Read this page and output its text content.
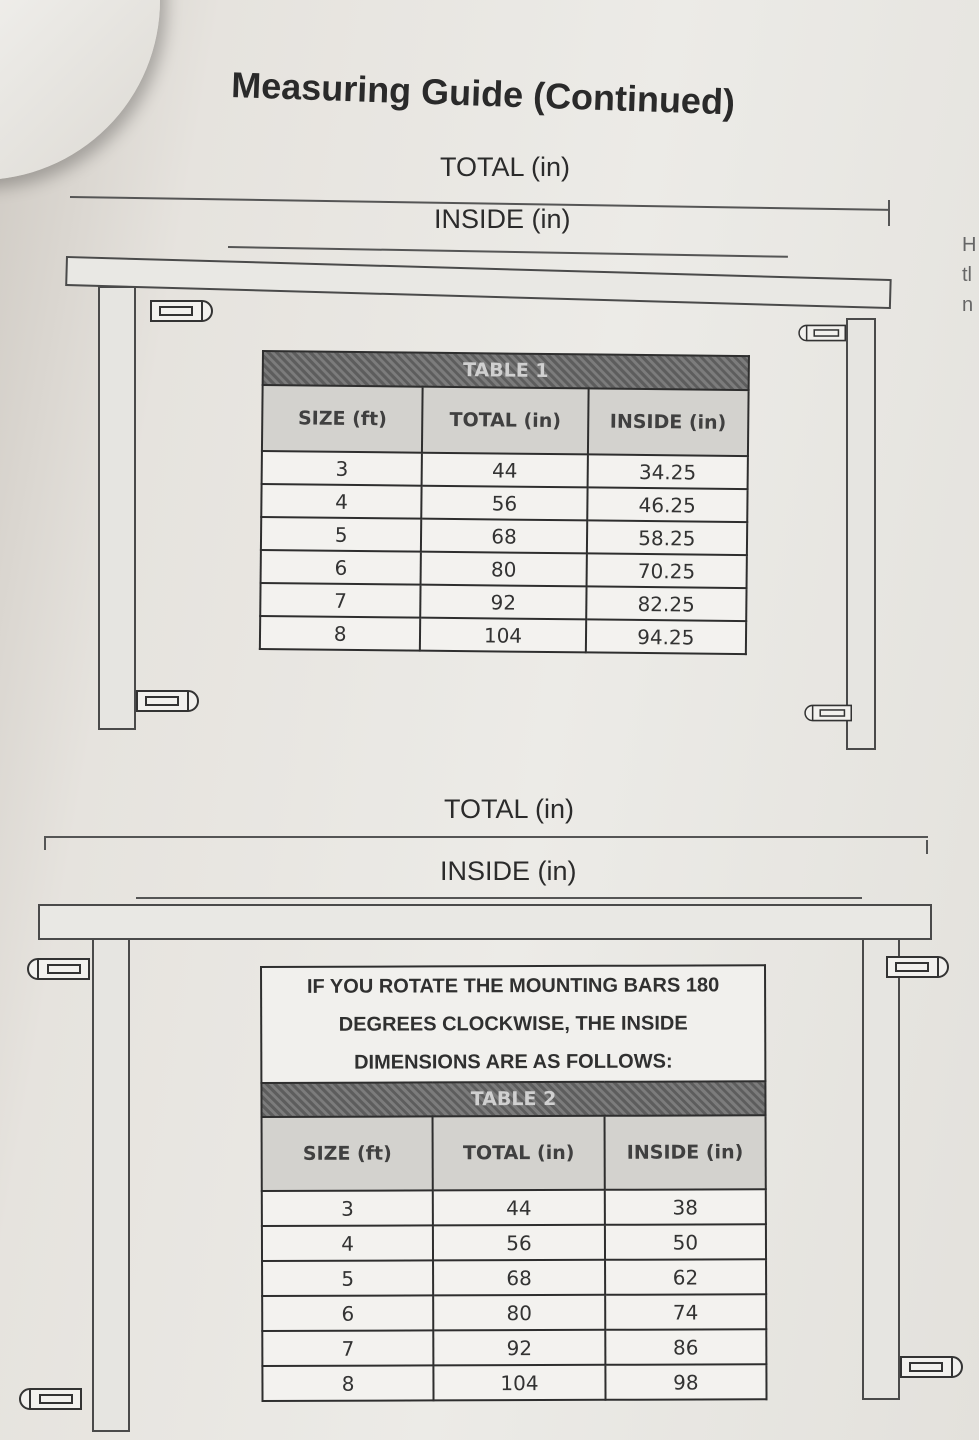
H
tl
n
Measuring Guide (Continued)
TOTAL (in)
INSIDE (in)
TABLE 1		
SIZE (ft)	TOTAL (in)	INSIDE (in)
3	44	34.25
4	56	46.25
5	68	58.25
6	80	70.25
7	92	82.25
8	104	94.25
TOTAL (in)
INSIDE (in)
IF YOU ROTATE THE MOUNTING BARS 180
DEGREES CLOCKWISE, THE INSIDE
DIMENSIONS ARE AS FOLLOWS:		

TABLE 2		
SIZE (ft)	TOTAL (in)	INSIDE (in)
3	44	38
4	56	50
5	68	62
6	80	74
7	92	86
8	104	98
